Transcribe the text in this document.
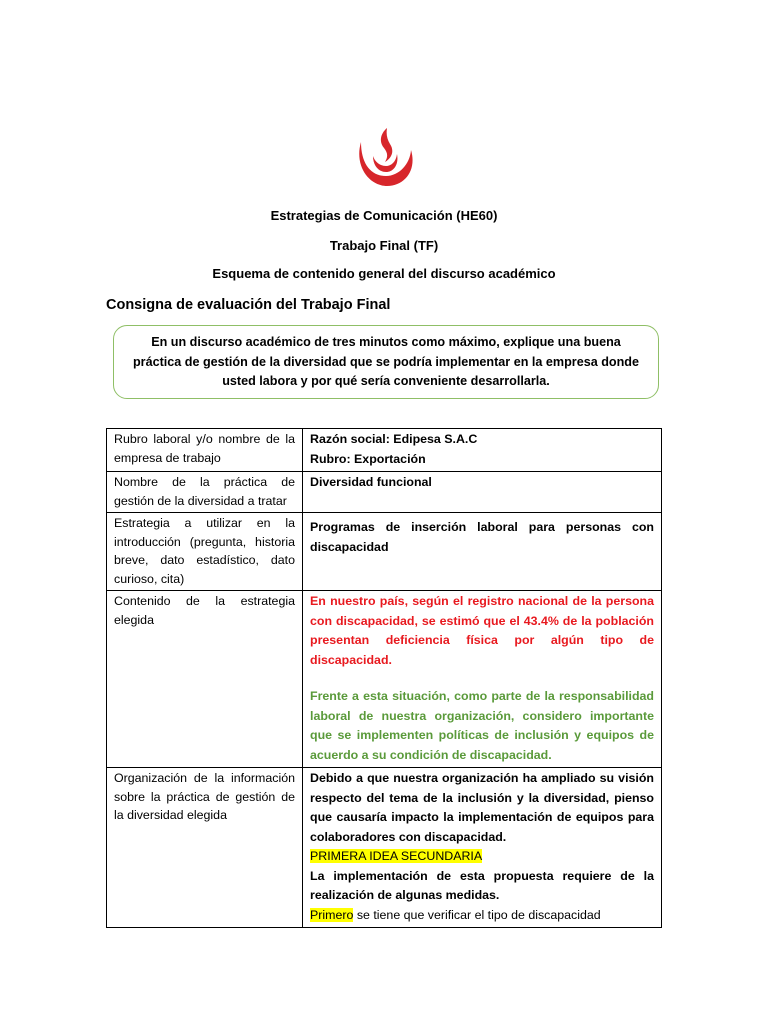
Estrategias de Comunicación (HE60)
Trabajo Final (TF)
Esquema de contenido general del discurso académico
Consigna de evaluación del Trabajo Final
En un discurso académico de tres minutos como máximo, explique una buena práctica de gestión de la diversidad que se podría implementar en la empresa donde usted labora y por qué sería conveniente desarrollarla.
Rubro laboral y/o nombre de la empresa de trabajo	Razón social: Edipesa S.A.C
Rubro: Exportación

Nombre de la práctica de gestión de la diversidad a tratar	Diversidad funcional
Estrategia a utilizar en la introducción (pregunta, historia breve, dato estadístico, dato curioso, cita)	Programas de inserción laboral para personas con discapacidad
Contenido de la estrategia elegida	En nuestro país, según el registro nacional de la persona con discapacidad, se estimó que el 43.4% de la población presentan deficiencia física por algún tipo de discapacidad.
Frente a esta situación, como parte de la responsabilidad laboral de nuestra organización, considero importante que se implementen políticas de inclusión y equipos de acuerdo a su condición de discapacidad.

Organización de la información sobre la práctica de gestión de la diversidad elegida	Debido a que nuestra organización ha ampliado su visión respecto del tema de la inclusión y la diversidad, pienso que causaría impacto la implementación de equipos para colaboradores con discapacidad.
PRIMERA IDEA SECUNDARIA
La implementación de esta propuesta requiere de la realización de algunas medidas.
Primero se tiene que verificar el tipo de discapacidad
